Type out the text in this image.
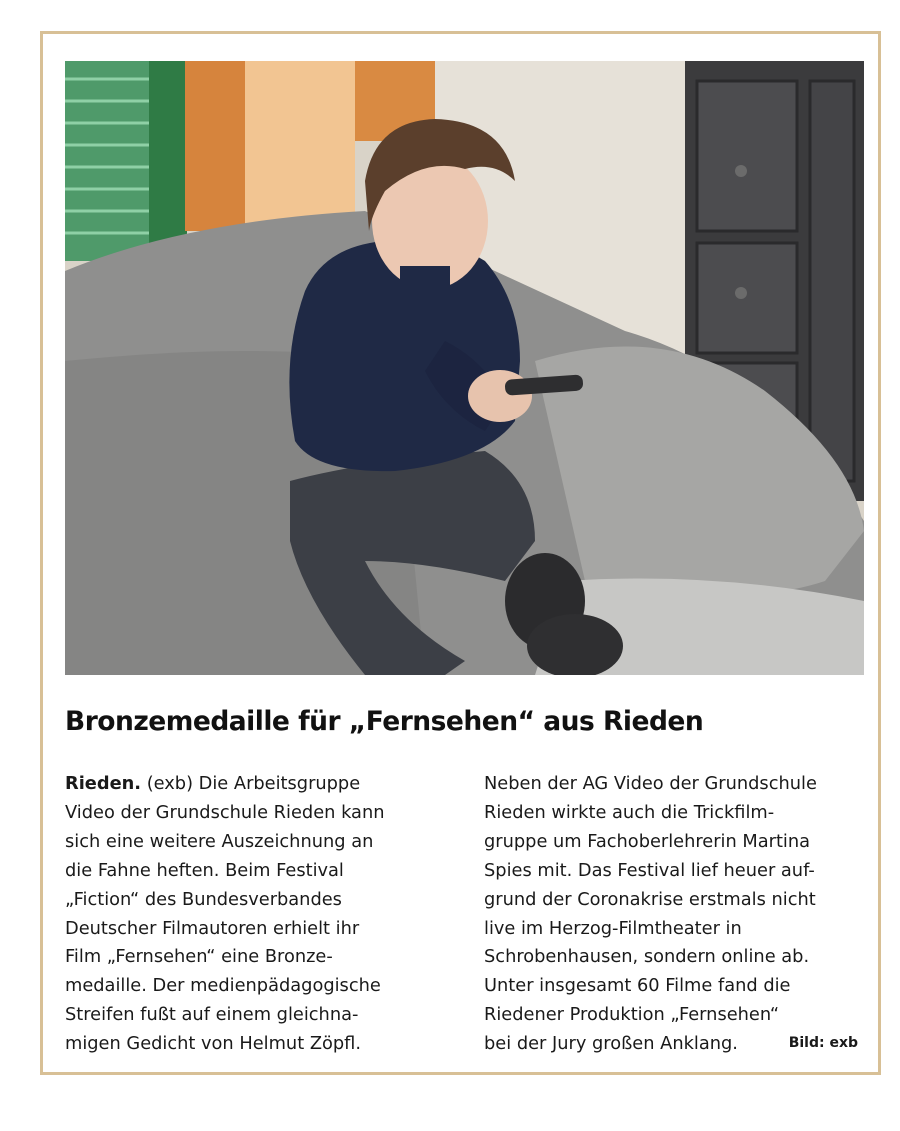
Bronzemedaille für „Fernsehen“ aus Rieden

Rieden. (exb) Die Arbeitsgruppe
Video der Grundschule Rieden kann
sich eine weitere Auszeichnung an
die Fahne heften. Beim Festival
„Fiction“ des Bundesverbandes
Deutscher Filmautoren erhielt ihr
Film „Fernsehen“ eine Bronze-
medaille. Der medienpädagogische
Streifen fußt auf einem gleichna-
migen Gedicht von Helmut Zöpfl.

Neben der AG Video der Grundschule
Rieden wirkte auch die Trickfilm-
gruppe um Fachoberlehrerin Martina
Spies mit. Das Festival lief heuer auf-
grund der Coronakrise erstmals nicht
live im Herzog-Filmtheater in
Schrobenhausen, sondern online ab.
Unter insgesamt 60 Filme fand die
Riedener Produktion „Fernsehen“
bei der Jury großen Anklang.	Bild: exb
